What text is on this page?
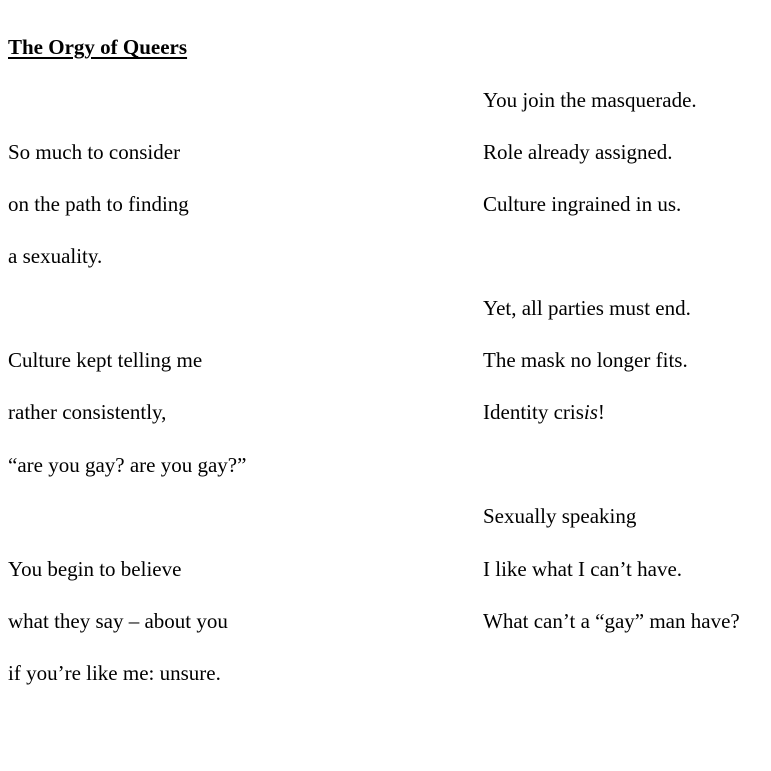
The Orgy of Queers
So much to consider
on the path to finding
a sexuality.
Culture kept telling me
rather consistently,
“are you gay? are you gay?”
You begin to believe
what they say – about you
if you’re like me: unsure.
You join the masquerade.
Role already assigned.
Culture ingrained in us.
Yet, all parties must end.
The mask no longer fits.
Identity crisis!
Sexually speaking
I like what I can’t have.
What can’t a “gay” man have?
